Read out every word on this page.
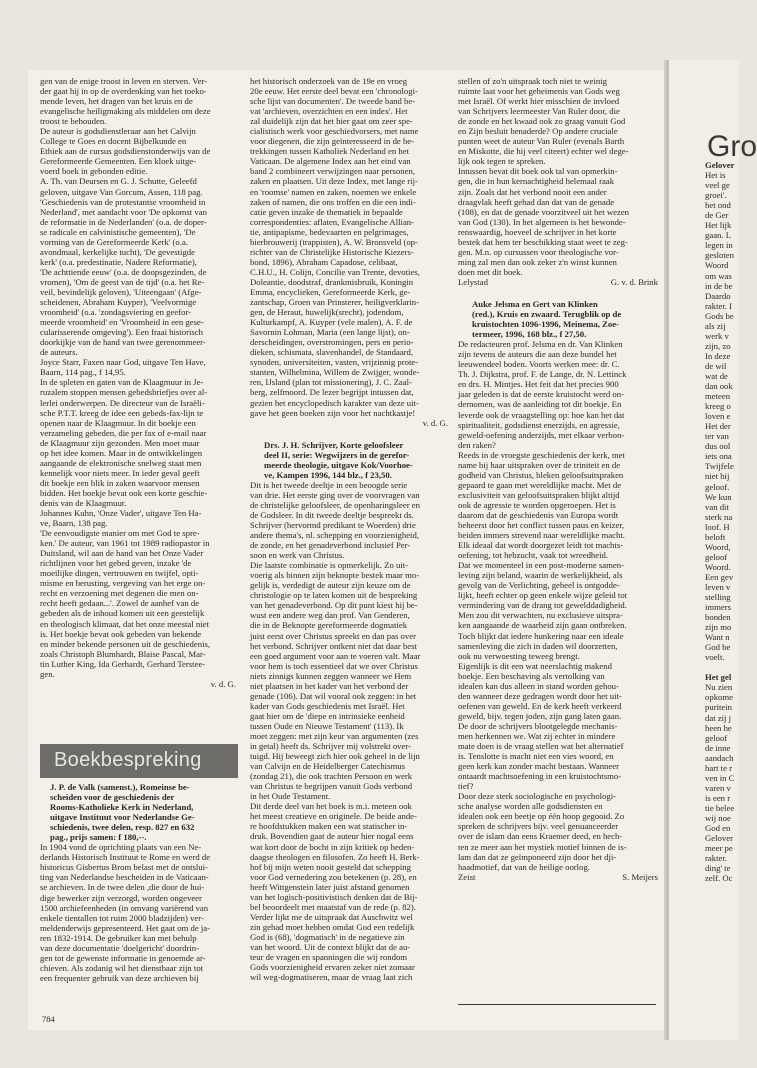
Gro
Gelover
Het is
veel ge
groei'.
het ond
de Ger
Het lijk
gaan. L
legen in
gesloten
Woord
om was
in de be
Daardo
rakter. I
Gods be
als zij
werk v
zijn, zo
In deze
de wil
wat de
dan ook
meteen
kreeg o
loven e
Het der
ter van
dus ool
iets ona
Twijfele
niet bij
geloof.
We kun
van dit
sterk na
loof. H
beloft
Woord,
geloof
Woord.
Een gev
leven v
stelling
immers
bonden
zijn mo
Want n
God be
voelt.
Het gel
Nu zien
opkome
puritein
dat zij j
heen he
geloof
de inne
aandach
hart te r
ven in C
varen v
is een r
tie belee
wij noe
God en
Gelover
meer pe
rakter.
ding' te
zelf. Oc
gen van de enige troost in leven en sterven. Ver-
der gaat hij in op de overdenking van het toeko-
mende leven, het dragen van het kruis en de
evangelische heiligmaking als middelen om deze
troost te behouden.
De auteur is godsdienstleraar aan het Calvijn
College te Goes en docent Bijbelkunde en
Ethiek aan de cursus godsdienstonderwijs van de
Gereformeerde Gemeenten. Een kloek uitge-
voerd boek in gebonden editie.
A. Th. van Deursen en G. J. Schutte, Geleefd
geloven, uitgave Van Gorcum, Assen, 118 pag.
'Geschiedenis van de protestantse vroomheid in
Nederland', met aandacht voor 'De opkomst van
de reformatie in de Nederlanden' (o.a. de doper-
se radicale en calvinistische gemeenten), 'De
vorming van de Gereformeerde Kerk' (o.a.
avondmaal, kerkelijke tucht), 'De gevestigde
kerk' (o.a. predestinatie, Nadere Reformatie),
'De achttiende eeuw' (o.a. de doopsgezinden, de
vromen), 'Om de geest van de tijd' (o.a. het Re-
veil, bevindelijk geloven), 'Uiteengaan' (Afge-
scheidenen, Abraham Kuyper), 'Veelvormige
vroomheid' (o.a. 'zondagsviering en geefor-
meerde vroomheid' en 'Vroomheid in een gese-
cularisserende omgeving'). Een fraai historisch
doorkijkje van de hand van twee gerenommeer-
de auteurs.
Joyce Starr, Faxen naar God, uitgave Ten Have,
Baarn, 114 pag., f 14,95.
In de spleten en gaten van de Klaagmuur in Je-
ruzalem stoppen mensen gebedsbriefjes over al-
lerlei onderwerpen. De directeur van de Israëli-
sche P.T.T. kreeg de idee een gebeds-fax-lijn te
openen naar de Klaagmuur. In dit boekje een
verzameling gebeden, die per fax of e-mail naar
de Klaagmuur zijn gezonden. Men moet maar
op het idee komen. Maar in de ontwikkelingen
aangaande de elektronische snelweg staat men
kennelijk voor niets meer. In ieder geval geeft
dit boekje een blik in zaken waarvoor mensen
bidden. Het boekje bevat ook een korte geschie-
denis van de Klaagmuur.
Johannes Kuhn, 'Onze Vader', uitgave Ten Ha-
ve, Baarn, 138 pag.
'De eenvoudigste manier om met God te spre-
ken.' De auteur, van 1961 tot 1989 radiopastor in
Duitsland, wil aan de hand van het Onze Vader
richtlijnen voor het gebed geven, inzake 'de
moeilijke dingen, vertrouwen en twijfel, opti-
misme en berusting, vergeving van het erge on-
recht en verzoening met degenen die men on-
recht heeft gedaan...'. Zowel de aanhef van de
gebeden als de inhoud komen uit een geestelijk
en theologisch klimaat, dat het onze meestal niet
is. Het boekje bevat ook gebeden van bekende
en minder bekende personen uit de geschiedenis,
zoals Christoph Blumhardt, Blaise Pascal, Mar-
tin Luther King, Ida Gerhardt, Gerhard Terstee-
gen.
v. d. G.
Boekbespreking
J. P. de Valk (samenst.), Romeinse be-
scheiden voor de geschiedenis der
Rooms-Katholieke Kerk in Nederland,
uitgave Instituut voor Nederlandse Ge-
schiedenis, twee delen, resp. 827 en 632
pag., prijs samen: f 180,--.
In 1904 vond de oprichting plaats van een Ne-
derlands Historisch Instituut te Rome en werd de
historicus Gisbertus Brom belast met de ontslui-
ting van Nederlandse bescheiden in de Vaticaan-
se archieven. In de twee delen ,die door de hui-
dige bewerker zijn verzorgd, worden ongeveer
1500 archiefeenheden (in omvang variërend van
enkele tientallen tot ruim 2000 bladzijden) ver-
meldenderwijs gepresenteerd. Het gaat om de ja-
ren 1832-1914. De gebruiker kan met behulp
van deze documentatie 'doelgericht' doordrin-
gen tot de gewenste informatie in genoemde ar-
chieven. Als zodanig wil het dienstbaar zijn tot
een frequenter gebruik van deze archieven bij
het historisch onderzoek van de 19e en vroeg
20e eeuw. Het eerste deel bevat een 'chronologi-
sche lijst van documenten'. De tweede band be-
vat 'archieven, overzichten en een index'. Het
zal duidelijk zijn dat het hier gaat om zeer spe-
cialistisch werk voor geschiedvorsers, met name
voor diegenen, die zijn geïnteresseerd in de be-
trekkingen tussen Katholiek Nederland en het
Vaticaan. De algemene Index aan het eind van
band 2 combineert verwijzingen naar personen,
zaken en plaatsen. Uit deze Index, met lange rij-
en 'roomse' namen en zaken, noemen we enkele
zaken of namen, die ons troffen en die een indi-
catie geven inzake de thematiek in bepaalde
correspondenties: aflaten, Evangelische Allian-
tie, antipapisme, bedevaarten en pelgrimages,
bierbrouwerij (trappisten), A. W. Bronsveld (op-
richter van de Christelijke Historische Kiezers-
bond, 1896), Abraham Capadose, celibaat,
C.H.U., H. Colijn, Concilie van Trente, devoties,
Doleantie, doodstraf, drankmisbruik, Koningin
Emma, encyclieken, Gereformeerde Kerk, ge-
zantschap, Groen van Prinsterer, heiligverklarin-
gen, de Heraut, huwelijk(srecht), jodendom,
Kulturkampf, A. Kuyper (vele malen), A. F. de
Savornin Lohman, Maria (een lange lijst), on-
derscheidingen, overstromingen, pers en perio-
dieken, schismata, slavenhandel, de Standaard,
synoden, universiteiten, vasten, vrijzinnig prote-
stanten, Wilhelmina, Willem de Zwijger, wonde-
ren, IJsland (plan tot missionering), J. C. Zaal-
berg, zelfmoord. De lezer begrijpt intussen dat,
gezien het encyclopedisch karakter van deze uit-
gave het geen boeken zijn voor het nachtkastje!
v. d. G.
Drs. J. H. Schrijver, Korte geloofsleer
deel II, serie: Wegwijzers in de gerefor-
meerde theologie, uitgave Kok/Voorhoe-
ve, Kampen 1996, 144 blz., f 23,50.
Dit is het tweede deeltje in een beoogde serie
van drie. Het eerste ging over de voorvragen van
de christelijke geloofsleer, de openbaringsleer en
de Godsleer. In dit tweede deeltje bespreekt ds.
Schrijver (hervormd predikant te Woerden) drie
andere thema's, nl. schepping en voorzienigheid,
de zonde, en het genadeverbond inclusief Per-
soon en werk van Christus.
Die laatste combinatie is opmerkelijk. Zo uit-
voerig als binnen zijn beknopte bestek maar mo-
gelijk is, verdedigt de auteur zijn keuze om de
christologie op te laten komen uit de bespreking
van het genadeverbond. Op dit punt kiest hij be-
wust een andere weg dan prof. Van Genderen,
die in de Beknopte gereformeerde dogmatiek
juist eerst over Christus spreekt en dan pas over
het verbond. Schrijver ontkent niet dat daar best
een goed argument voor aan te voeren valt. Maar
voor hem is toch essentieel dat we over Christus
niets zinnigs kunnen zeggen wanneer we Hem
niet plaatsen in het kader van het verbond der
genade (106). Dat wil vooral ook zeggen: in het
kader van Gods geschiedenis met Israël. Het
gaat hier om de 'diepe en intrinsieke eenheid
tussen Oude en Nieuwe Testament' (113). Ik
moet zeggen: met zijn keur van argumenten (zes
in getal) heeft ds. Schrijver mij volstrekt over-
tuigd. Hij beweegt zich hier ook geheel in de lijn
van Calvijn en de Heidelberger Catechismus
(zondag 21), die ook trachten Persoon en werk
van Christus te begrijpen vanuit Gods verbond
in het Oude Testament.
Dit derde deel van het boek is m.i. meteen ook
het meest creatieve en originele. De beide ande-
re hoofdstukken maken een wat statischer in-
druk. Bovendien gaat de auteur hier nogal eens
wat kort door de bocht in zijn kritiek op heden-
daagse theologen en filosofen. Zo heeft H. Berk-
hof bij mijn weten nooit gesteld dat schepping
voor God vernedering zou betekenen (p. 28), en
heeft Wittgenstein later juist afstand genomen
van het logisch-positivistisch denken dat de Bij-
bel beoordeelt met maatstaf van de rede (p. 82).
Verder lijkt me de uitspraak dat Auschwitz wel
zin gehad moet hebben omdat God een redelijk
God is (68), 'dogmatisch' in de negatieve zin
van het woord. Uit de context blijkt dat de au-
teur de vragen en spanningen die wij rondom
Gods voorzienigheid ervaren zeker niet zomaar
wil weg-dogmatiseren, maar de vraag laat zich
stellen of zo'n uitspraak toch niet te weinig
ruimte laat voor het geheimenis van Gods weg
met Israël. Of werkt hier misschien de invloed
van Schrijvers leermeester Van Ruler door, die
de zonde en het kwaad ook zo graag vanuit God
en Zijn besluit benaderde? Op andere cruciale
punten weet de auteur Van Ruler (evenals Barth
en Miskotte, die hij veel citeert) echter wel dege-
lijk ook tegen te spreken.
Intussen bevat dit boek ook tal van opmerkin-
gen, die in hun kernachtigheid helemaal raak
zijn. Zoals dat het verbond nooit een ander
draagvlak heeft gehad dan dat van de genade
(108), en dat de genade voorzitveel uit het wezen
van God (130). In het algemeen is het bewonde-
renswaardig, hoeveel de schrijver in het korte
bestek dat hem ter beschikking staat weet te zeg-
gen. M.n. op cursussen voor theologische vor-
ming zal men dan ook zeker z'n winst kunnen
doen met dit boek.
Lelystad	G. v. d. Brink
Auke Jelsma en Gert van Klinken
(red.), Kruis en zwaard. Terugblik op de
kruistochten 1096-1996, Meinema, Zoe-
termeer, 1996, 168 blz., f 27,50.
De redacteuren prof. Jelsma en dr. Van Klinken
zijn tevens de auteurs die aan deze bundel het
leeuwendeel boden. Voorts werken mee: dr. C.
Th. J. Dijkstra, prof. F. de Lange, dr. N. Lettinck
en drs. H. Mintjes. Het feit dat het precies 900
jaar geleden is dat de eerste kruistocht werd on-
dernomen, was de aanleiding tot dit boekje. En
leverde ook de vraagstelling op: hoe kan het dat
spiritualiteit, godsdienst enerzijds, en agressie,
geweld-oefening anderzijds, met elkaar verbon-
den raken?
Reeds in de vroegste geschiedenis der kerk, met
name bij haar uitspraken over de triniteit en de
godheid van Christus, bleken geloofsuitspraken
gepaard te gaan met wereldlijke macht. Met de
exclusiviteit van geloofsuitspraken blijkt altijd
ook de agressie te worden opgeroepen. Het is
daarom dat de geschiedenis van Europa wordt
beheerst door het conflict tussen paus en keizer,
beiden immers strevend naar wereldlijke macht.
Elk ideaal dat wordt doorgezet leidt tot machts-
oefening, tot hebzucht, vaak tot wreedheid.
Dat we momenteel in een post-moderne samen-
leving zijn beland, waarin de werkelijkheid, als
gevolg van de Verlichting, geheel is ontgodde-
lijkt, heeft echter op geen enkele wijze geleid tot
vermindering van de drang tot gewelddadigheid.
Men zou dit verwachten, nu exclusieve uitspra-
ken aangaande de waarheid zijn gaan ontbreken.
Toch blijkt dat iedere hunkering naar een ideale
samenleving die zich in daden wil doorzetten,
ook nu verwoesting teweeg brengt.
Eigenlijk is dit een wat neerslachtig makend
boekje. Een beschaving als vertolking van
idealen kan dus alleen in stand worden gehou-
den wanneer deze gedragen wordt door het uit-
oefenen van geweld. En de kerk heeft verkeerd
geweld, bijv. tegen joden, zijn gang laten gaan.
De door de schrijvers blootgelegde mechanis-
men herkennen we. Wat zij echter in mindere
mate doen is de vraag stellen wat het alternatief
is. Tenslotte is macht niet een vies woord, en
geen kerk kan zonder macht bestaan. Wanneer
ontaardt machtsoefening in een kruistochtsmo-
tief?
Door deze sterk sociologische en psychologi-
sche analyse worden alle godsdiensten en
idealen ook een beetje op één hoop gegooid. Zo
spreken de schrijvers bijv. veel genuanceerder
over de islam dan eens Kraemer deed, en hech-
ten ze meer aan het mystiek motief binnen de is-
lam dan dat ze geïmponeerd zijn door het dji-
haadmotief, dat van de heilige oorlog.
Zeist	S. Meijers
784
